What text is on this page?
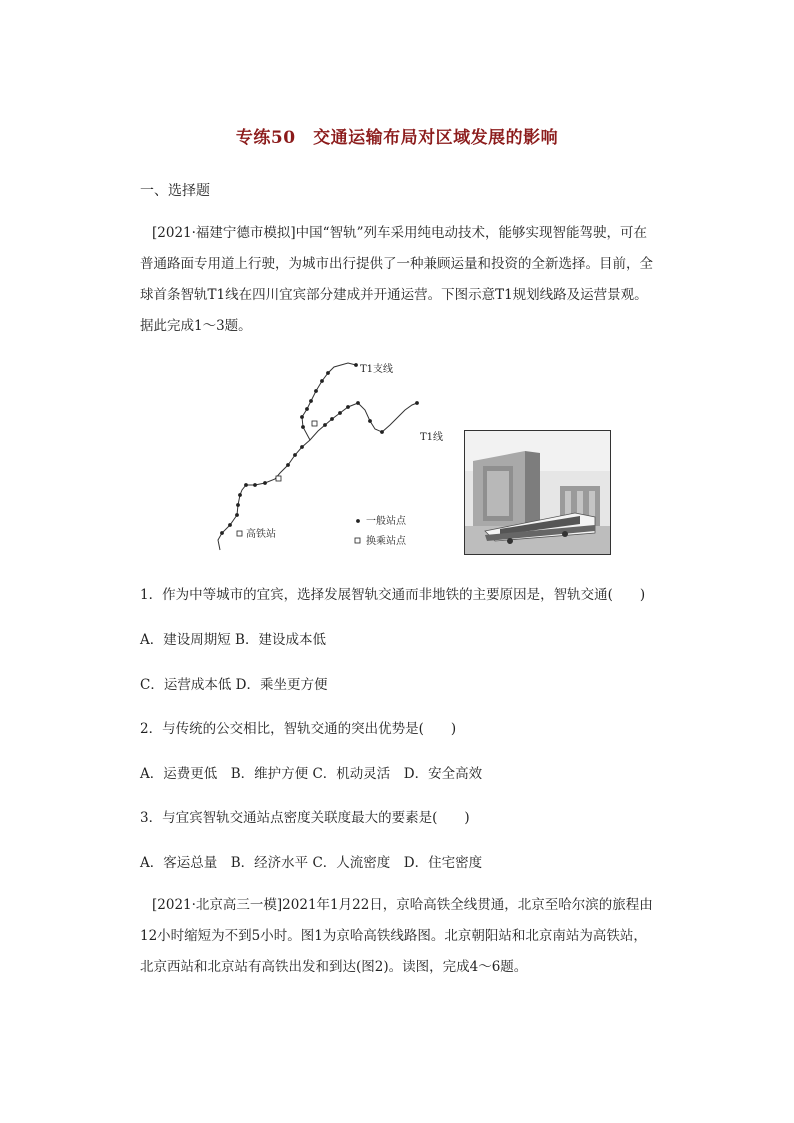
专练50　交通运输布局对区域发展的影响
一、选择题
[2021·福建宁德市模拟]中国“智轨”列车采用纯电动技术，能够实现智能驾驶，可在普通路面专用道上行驶，为城市出行提供了一种兼顾运量和投资的全新选择。目前，全球首条智轨T1线在四川宜宾部分建成并开通运营。下图示意T1规划线路及运营景观。据此完成1～3题。
T1支线
T1线
高铁站
一般站点
换乘站点
1．作为中等城市的宜宾，选择发展智轨交通而非地铁的主要原因是，智轨交通(　　)
A．建设周期短 B．建设成本低
C．运营成本低 D．乘坐更方便
2．与传统的公交相比，智轨交通的突出优势是(　　)
A．运费更低　B．维护方便 C．机动灵活　D．安全高效
3．与宜宾智轨交通站点密度关联度最大的要素是(　　)
A．客运总量　B．经济水平 C．人流密度　D．住宅密度
[2021·北京高三一模]2021年1月22日，京哈高铁全线贯通，北京至哈尔滨的旅程由12小时缩短为不到5小时。图1为京哈高铁线路图。北京朝阳站和北京南站为高铁站，北京西站和北京站有高铁出发和到达(图2)。读图，完成4～6题。
